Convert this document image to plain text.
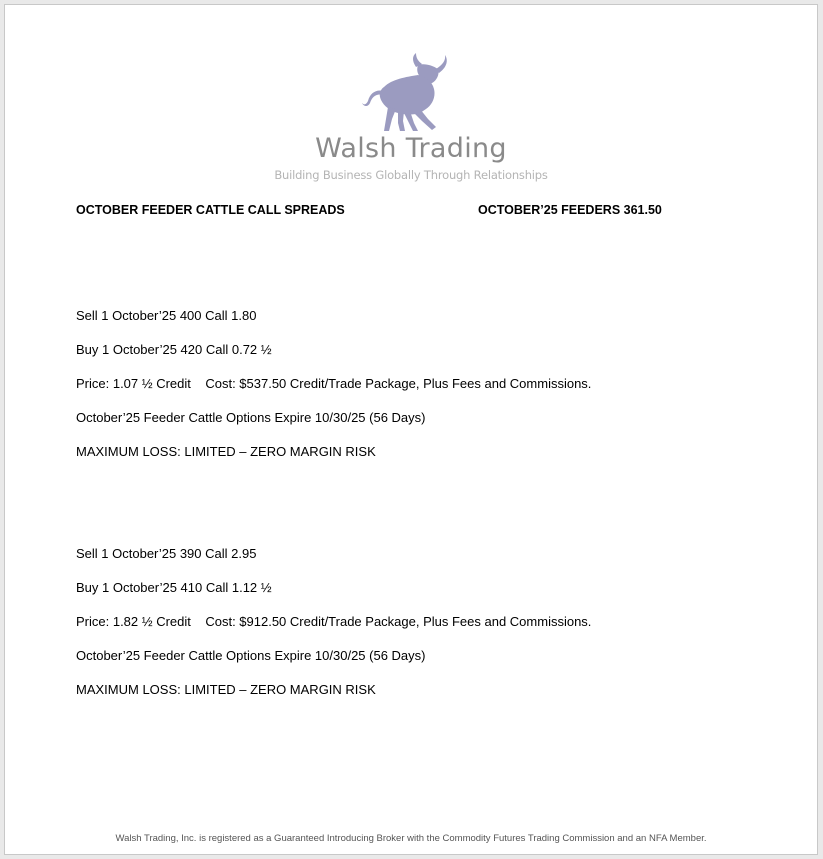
Walsh Trading
Building Business Globally Through Relationships
OCTOBER FEEDER CATTLE CALL SPREADS	OCTOBER’25 FEEDERS 361.50
Sell 1 October’25 400 Call 1.80
Buy 1 October’25 420 Call 0.72 ½
Price: 1.07 ½ Credit    Cost: $537.50 Credit/Trade Package, Plus Fees and Commissions.
October’25 Feeder Cattle Options Expire 10/30/25 (56 Days)
MAXIMUM LOSS: LIMITED – ZERO MARGIN RISK
Sell 1 October’25 390 Call 2.95
Buy 1 October’25 410 Call 1.12 ½
Price: 1.82 ½ Credit    Cost: $912.50 Credit/Trade Package, Plus Fees and Commissions.
October’25 Feeder Cattle Options Expire 10/30/25 (56 Days)
MAXIMUM LOSS: LIMITED – ZERO MARGIN RISK
Walsh Trading, Inc. is registered as a Guaranteed Introducing Broker with the Commodity Futures Trading Commission and an NFA Member.
